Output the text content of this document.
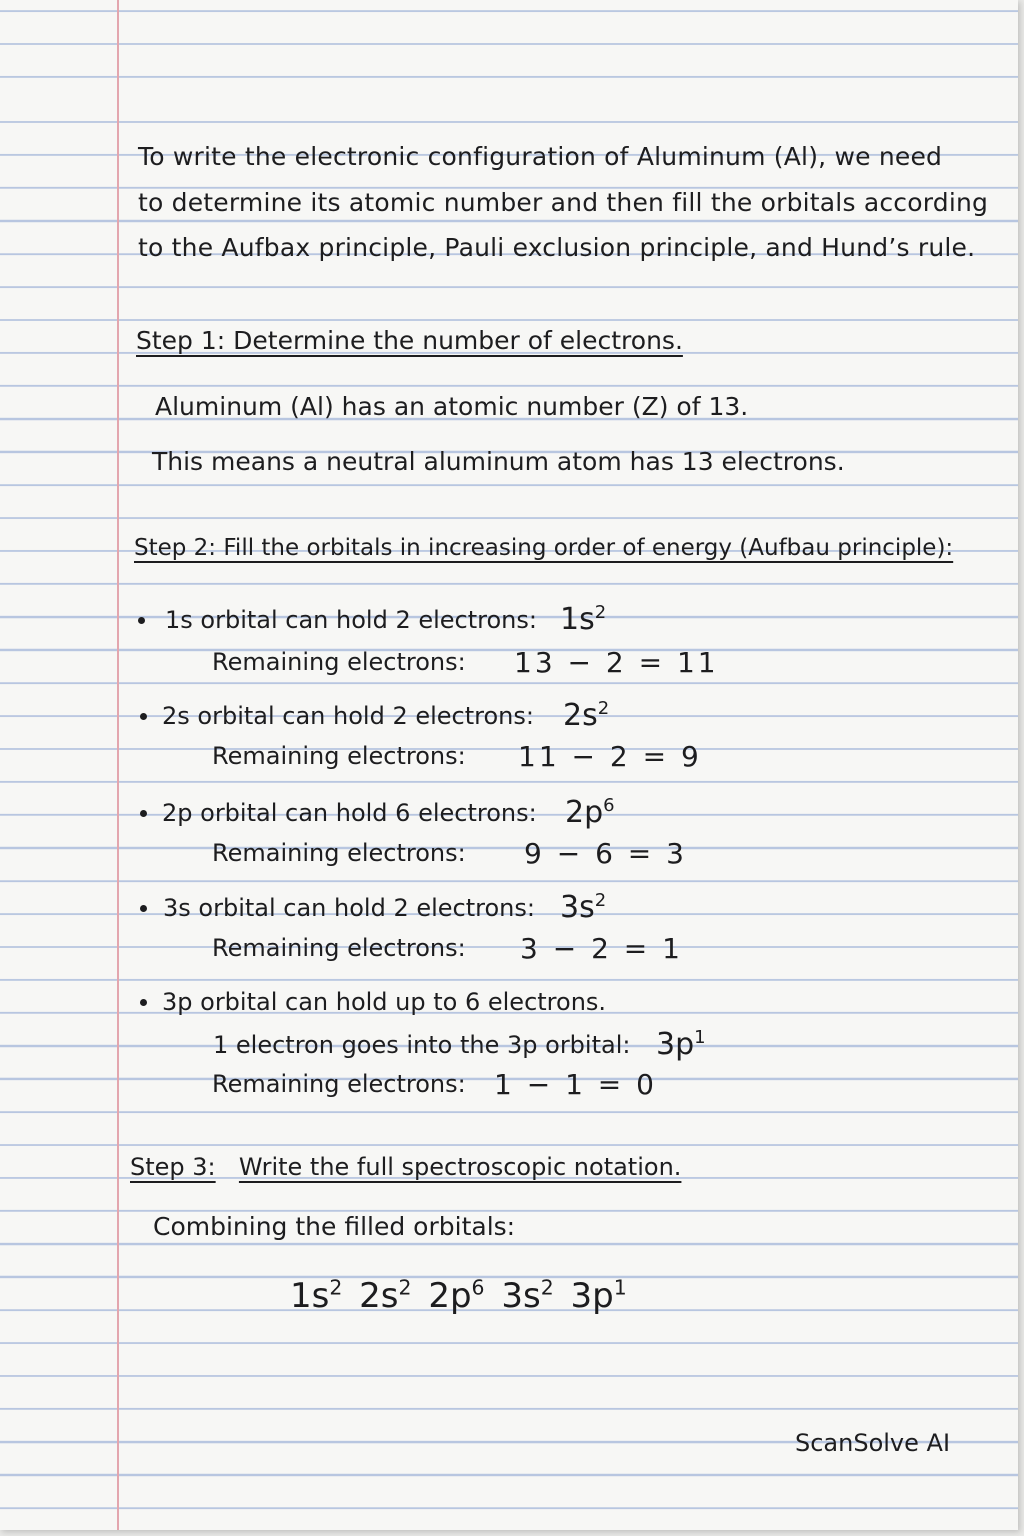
To write the electronic configuration of Aluminum (Al), we need
to determine its atomic number and then fill the orbitals according
to the Aufbax principle, Pauli exclusion principle, and Hund’s rule.
Step 1: Determine the number of electrons.
Aluminum (Al) has an atomic number (Z) of 13.
This means a neutral aluminum atom has 13 electrons.
Step 2: Fill the orbitals in increasing order of energy (Aufbau principle):
1s orbital can hold 2 electrons: $1s^2$
Remaining electrons: 13 − 2 = 11
2s orbital can hold 2 electrons: $2s^2$
Remaining electrons: 11 − 2 = 9
2p orbital can hold 6 electrons: $2p^6$
Remaining electrons: 9 − 6 = 3
3s orbital can hold 2 electrons: $3s^2$
Remaining electrons: 3 − 2 = 1
3p orbital can hold up to 6 electrons.
1 electron goes into the 3p orbital: $3p^1$
Remaining electrons: 1 − 1 = 0
Step 3: Write the full spectroscopic notation.
Combining the filled orbitals:
$1s^2$ $2s^2$ $2p^6$ $3s^2$ $3p^1$
ScanSolve AI
